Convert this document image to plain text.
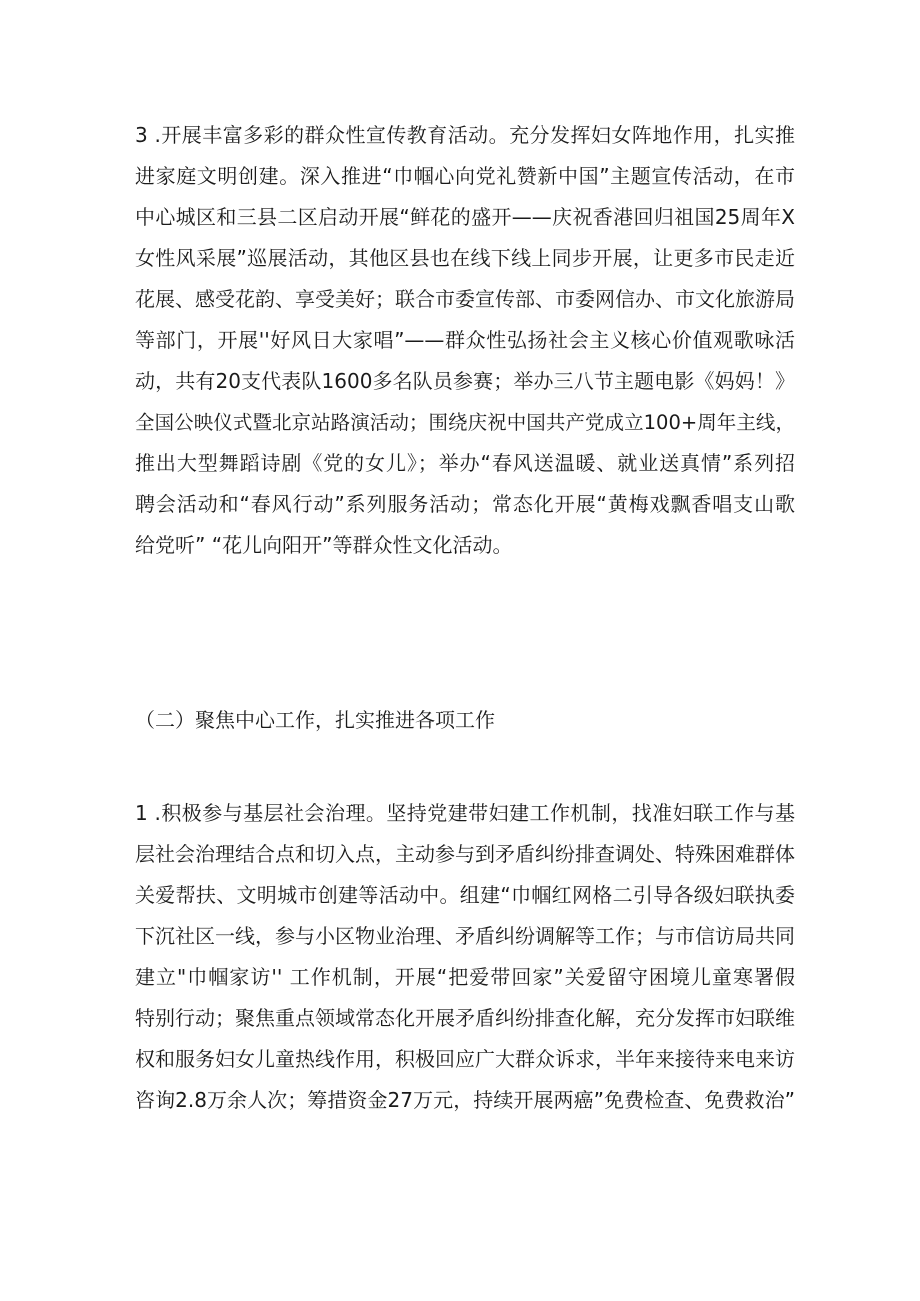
3 .开展丰富多彩的群众性宣传教育活动。充分发挥妇女阵地作用，扎实推
进家庭文明创建。深入推进“巾帼心向党礼赞新中国”主题宣传活动，在市
中心城区和三县二区启动开展“鲜花的盛开——庆祝香港回归祖国25周年X
女性风采展”巡展活动，其他区县也在线下线上同步开展，让更多市民走近
花展、感受花韵、享受美好；联合市委宣传部、市委网信办、市文化旅游局
等部门，开展''好风日大家唱”——群众性弘扬社会主义核心价值观歌咏活
动，共有20支代表队1600多名队员参赛；举办三八节主题电影《妈妈！》
全国公映仪式暨北京站路演活动；围绕庆祝中国共产党成立100+周年主线，
推出大型舞蹈诗剧《党的女儿》；举办“春风送温暖、就业送真情”系列招
聘会活动和“春风行动”系列服务活动；常态化开展“黄梅戏飘香唱支山歌
给党听” “花儿向阳开”等群众性文化活动。
（二）聚焦中心工作，扎实推进各项工作
1 .积极参与基层社会治理。坚持党建带妇建工作机制，找准妇联工作与基
层社会治理结合点和切入点，主动参与到矛盾纠纷排查调处、特殊困难群体
关爱帮扶、文明城市创建等活动中。组建“巾帼红网格二引导各级妇联执委
下沉社区一线，参与小区物业治理、矛盾纠纷调解等工作；与市信访局共同
建立"巾帼家访'' 工作机制，开展“把爱带回家”关爱留守困境儿童寒署假
特别行动；聚焦重点领域常态化开展矛盾纠纷排查化解，充分发挥市妇联维
权和服务妇女儿童热线作用，积极回应广大群众诉求，半年来接待来电来访
咨询2.8万余人次；筹措资金27万元，持续开展两癌”免费检查、免费救治”
